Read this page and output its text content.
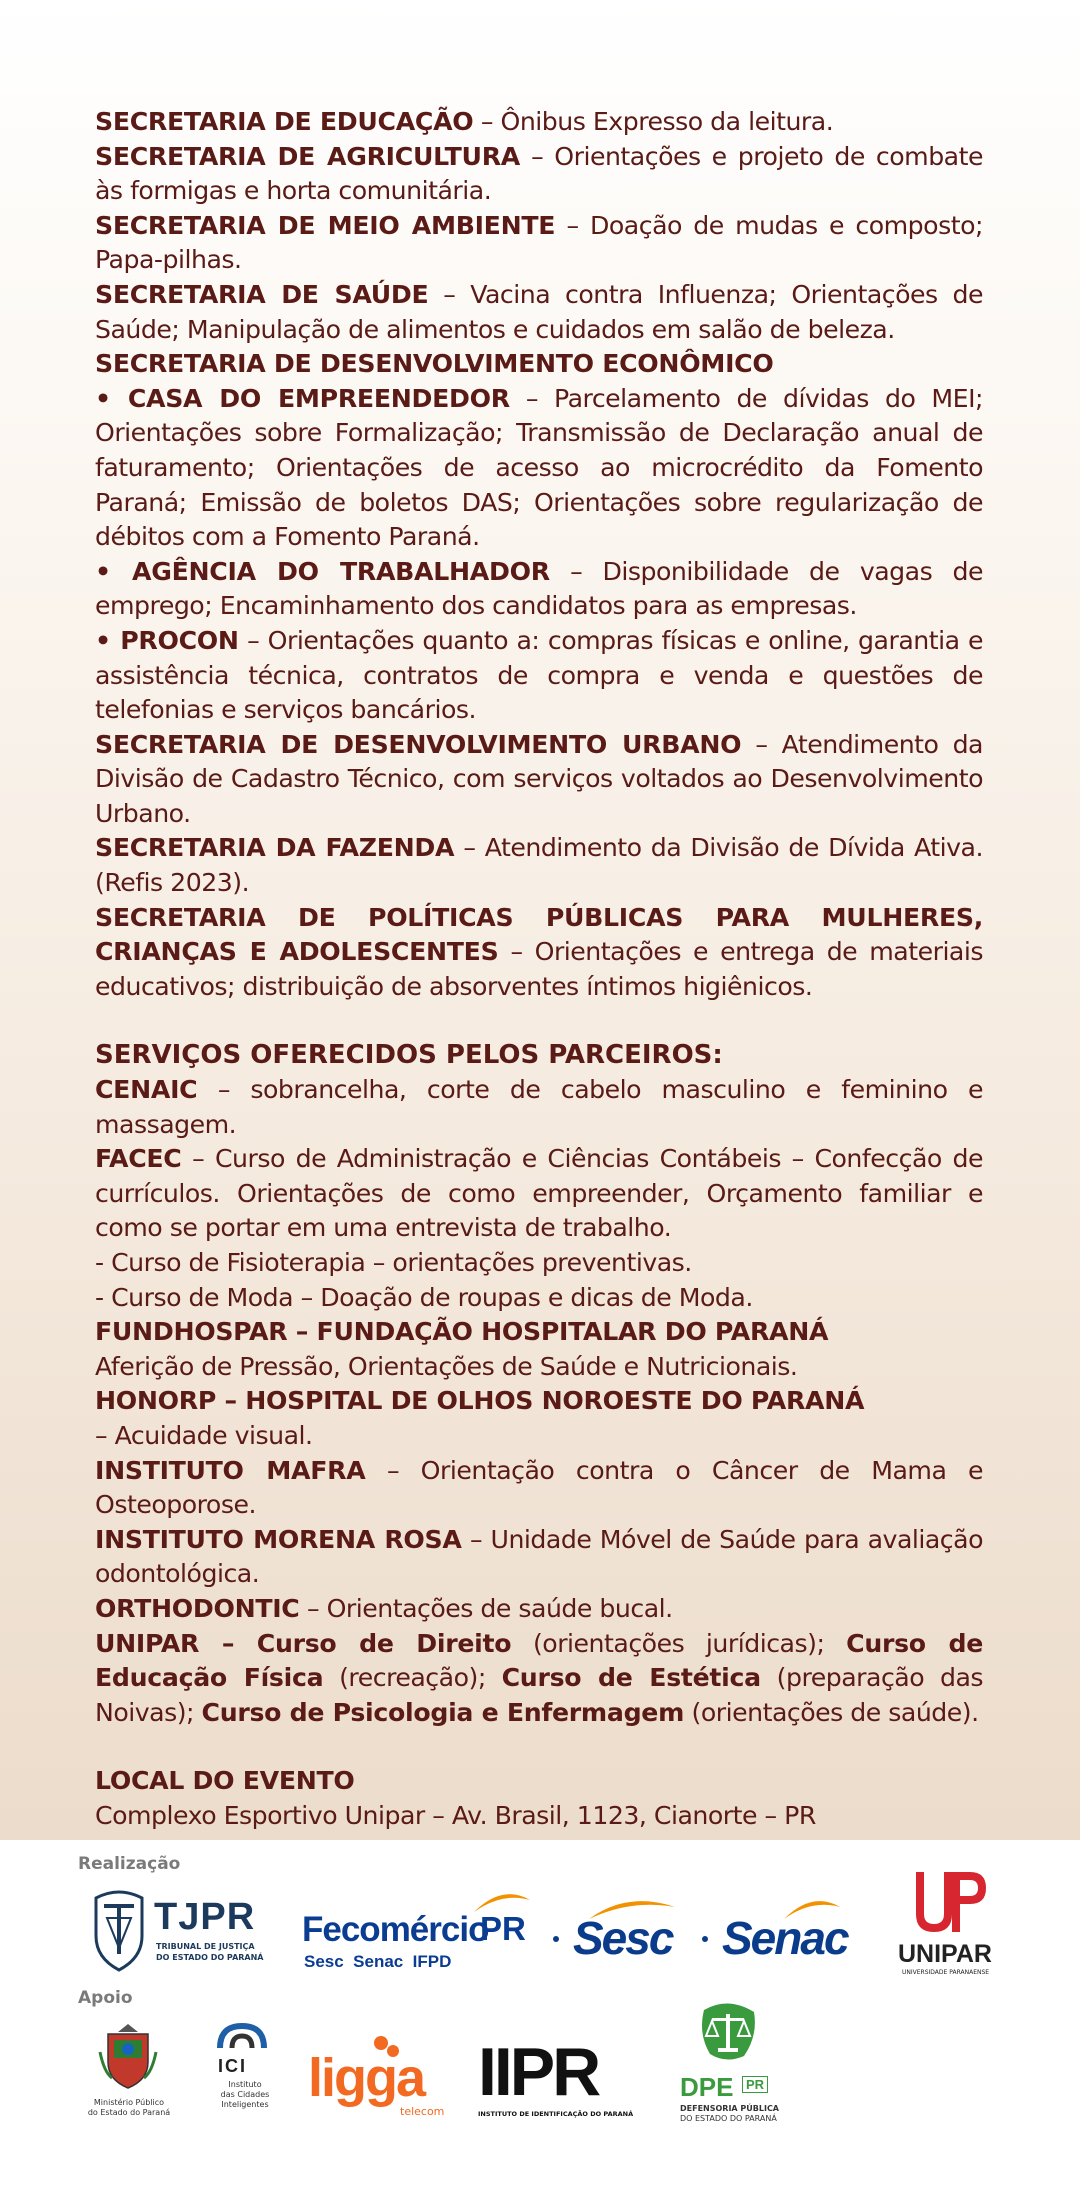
SECRETARIA DE EDUCAÇÃO – Ônibus Expresso da leitura.

SECRETARIA DE AGRICULTURA – Orientações e projeto de combate às formigas e horta comunitária.

SECRETARIA DE MEIO AMBIENTE – Doação de mudas e composto; Papa-pilhas.

SECRETARIA DE SAÚDE – Vacina contra Influenza; Orientações de Saúde; Manipulação de alimentos e cuidados em salão de beleza.

SECRETARIA DE DESENVOLVIMENTO ECONÔMICO

• CASA DO EMPREENDEDOR – Parcelamento de dívidas do MEI; Orientações sobre Formalização; Transmissão de Declaração anual de faturamento; Orientações de acesso ao microcrédito da Fomento Paraná; Emissão de boletos DAS; Orientações sobre regularização de débitos com a Fomento Paraná.

• AGÊNCIA DO TRABALHADOR – Disponibilidade de vagas de emprego; Encaminhamento dos candidatos para as empresas.

• PROCON – Orientações quanto a: compras físicas e online, garantia e assistência técnica, contratos de compra e venda e questões de telefonias e serviços bancários.

SECRETARIA DE DESENVOLVIMENTO URBANO – Atendimento da Divisão de Cadastro Técnico, com serviços voltados ao Desenvolvimento Urbano.

SECRETARIA DA FAZENDA – Atendimento da Divisão de Dívida Ativa. (Refis 2023).

SECRETARIA DE POLÍTICAS PÚBLICAS PARA MULHERES, CRIANÇAS E ADOLESCENTES – Orientações e entrega de materiais educativos; distribuição de absorventes íntimos higiênicos.

SERVIÇOS OFERECIDOS PELOS PARCEIROS:

CENAIC – sobrancelha, corte de cabelo masculino e feminino e massagem.

FACEC – Curso de Administração e Ciências Contábeis – Confecção de currículos. Orientações de como empreender, Orçamento familiar e como se portar em uma entrevista de trabalho.

- Curso de Fisioterapia – orientações preventivas.

- Curso de Moda – Doação de roupas e dicas de Moda.

FUNDHOSPAR – FUNDAÇÃO HOSPITALAR DO PARANÁ

Aferição de Pressão, Orientações de Saúde e Nutricionais.

HONORP – HOSPITAL DE OLHOS NOROESTE DO PARANÁ

– Acuidade visual.

INSTITUTO MAFRA – Orientação contra o Câncer de Mama e Osteoporose.

INSTITUTO MORENA ROSA – Unidade Móvel de Saúde para avaliação odontológica.

ORTHODONTIC – Orientações de saúde bucal.

UNIPAR – Curso de Direito (orientações jurídicas); Curso de Educação Física (recreação); Curso de Estética (preparação das Noivas); Curso de Psicologia e Enfermagem (orientações de saúde).

LOCAL DO EVENTO

Complexo Esportivo Unipar – Av. Brasil, 1123, Cianorte – PR

Realização
TJPR
TRIBUNAL DE JUSTIÇA
DO ESTADO DO PARANÁ
Fecomércio
PR
Sesc  Senac  IFPD	Sesc Senac UNIPAR
UNIVERSIDADE PARANAENSE
Apoio
Ministério Público
do Estado do Paraná
ICI
Instituto
das Cidades
Inteligentes ligga
telecom
IIPR
INSTITUTO DE IDENTIFICAÇÃO DO PARANÁ
DPE PR
DEFENSORIA PÚBLICA
DO ESTADO DO PARANÁ
